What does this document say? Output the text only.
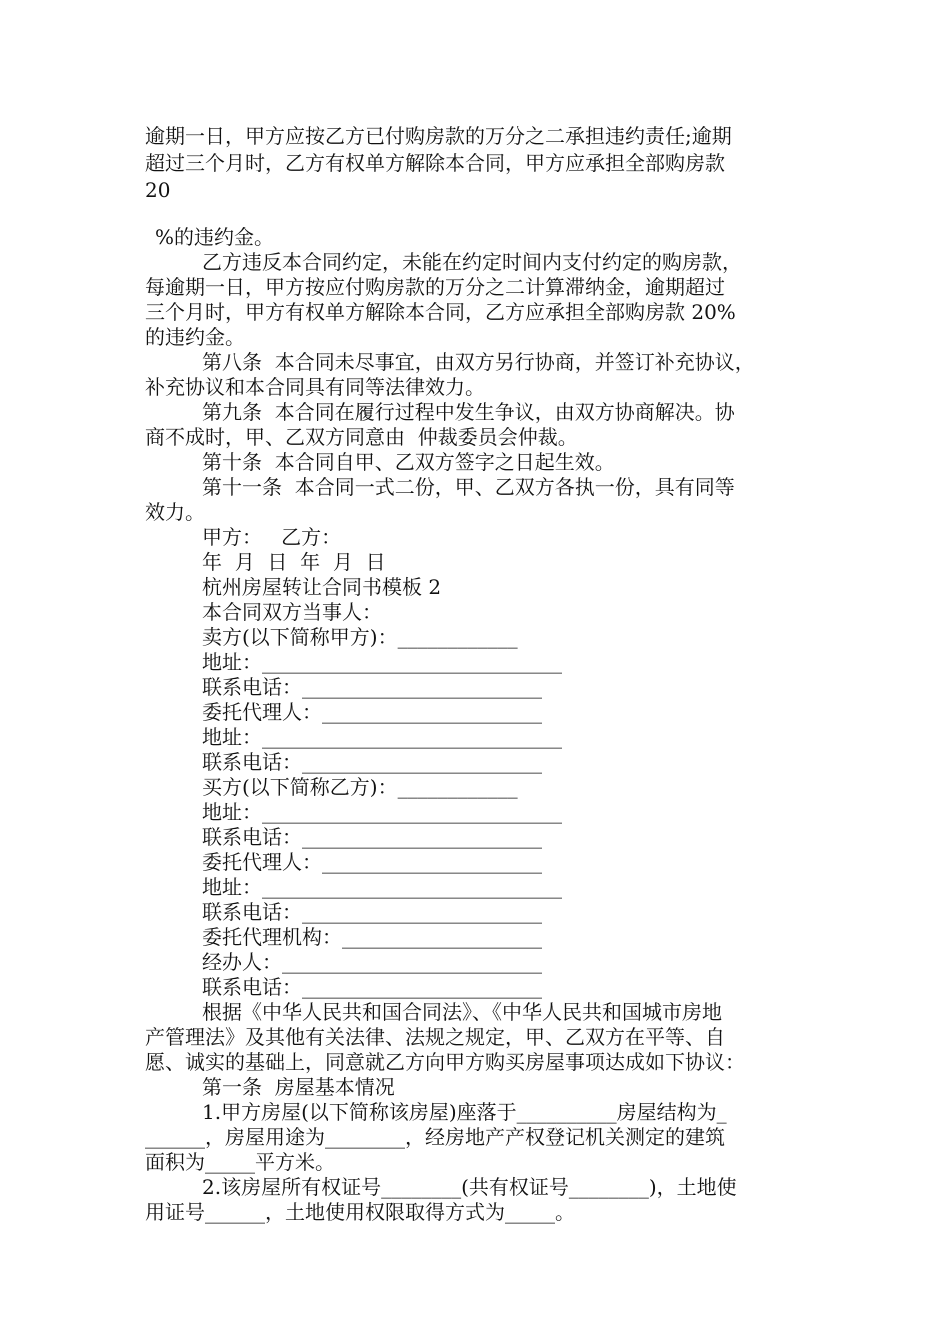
逾期一日，甲方应按乙方已付购房款的万分之二承担违约责任;逾期

超过三个月时，乙方有权单方解除本合同，甲方应承担全部购房款

20

%的违约金。

乙方违反本合同约定，未能在约定时间内支付约定的购房款，

每逾期一日，甲方按应付购房款的万分之二计算滞纳金，逾期超过

三个月时，甲方有权单方解除本合同，乙方应承担全部购房款 20%

的违约金。

第八条  本合同未尽事宜，由双方另行协商，并签订补充协议，

补充协议和本合同具有同等法律效力。

第九条  本合同在履行过程中发生争议，由双方协商解决。协

商不成时，甲、乙双方同意由  仲裁委员会仲裁。

第十条  本合同自甲、乙双方签字之日起生效。

第十一条  本合同一式二份，甲、乙双方各执一份，具有同等

效力。

甲方：   乙方：

年  月  日  年  月  日

杭州房屋转让合同书模板 2

本合同双方当事人：

卖方(以下简称甲方)：____________

地址：______________________________

联系电话：________________________

委托代理人：______________________

地址：______________________________

联系电话：________________________

买方(以下简称乙方)：____________

地址：______________________________

联系电话：________________________

委托代理人：______________________

地址：______________________________

联系电话：________________________

委托代理机构：____________________

经办人：__________________________

联系电话：________________________

根据《中华人民共和国合同法》、《中华人民共和国城市房地

产管理法》及其他有关法律、法规之规定，甲、乙双方在平等、自

愿、诚实的基础上，同意就乙方向甲方购买房屋事项达成如下协议：

第一条  房屋基本情况

1.甲方房屋(以下简称该房屋)座落于__________房屋结构为_

______，房屋用途为________，经房地产产权登记机关测定的建筑

面积为_____平方米。

2.该房屋所有权证号________(共有权证号________)，土地使

用证号______，土地使用权限取得方式为_____。
